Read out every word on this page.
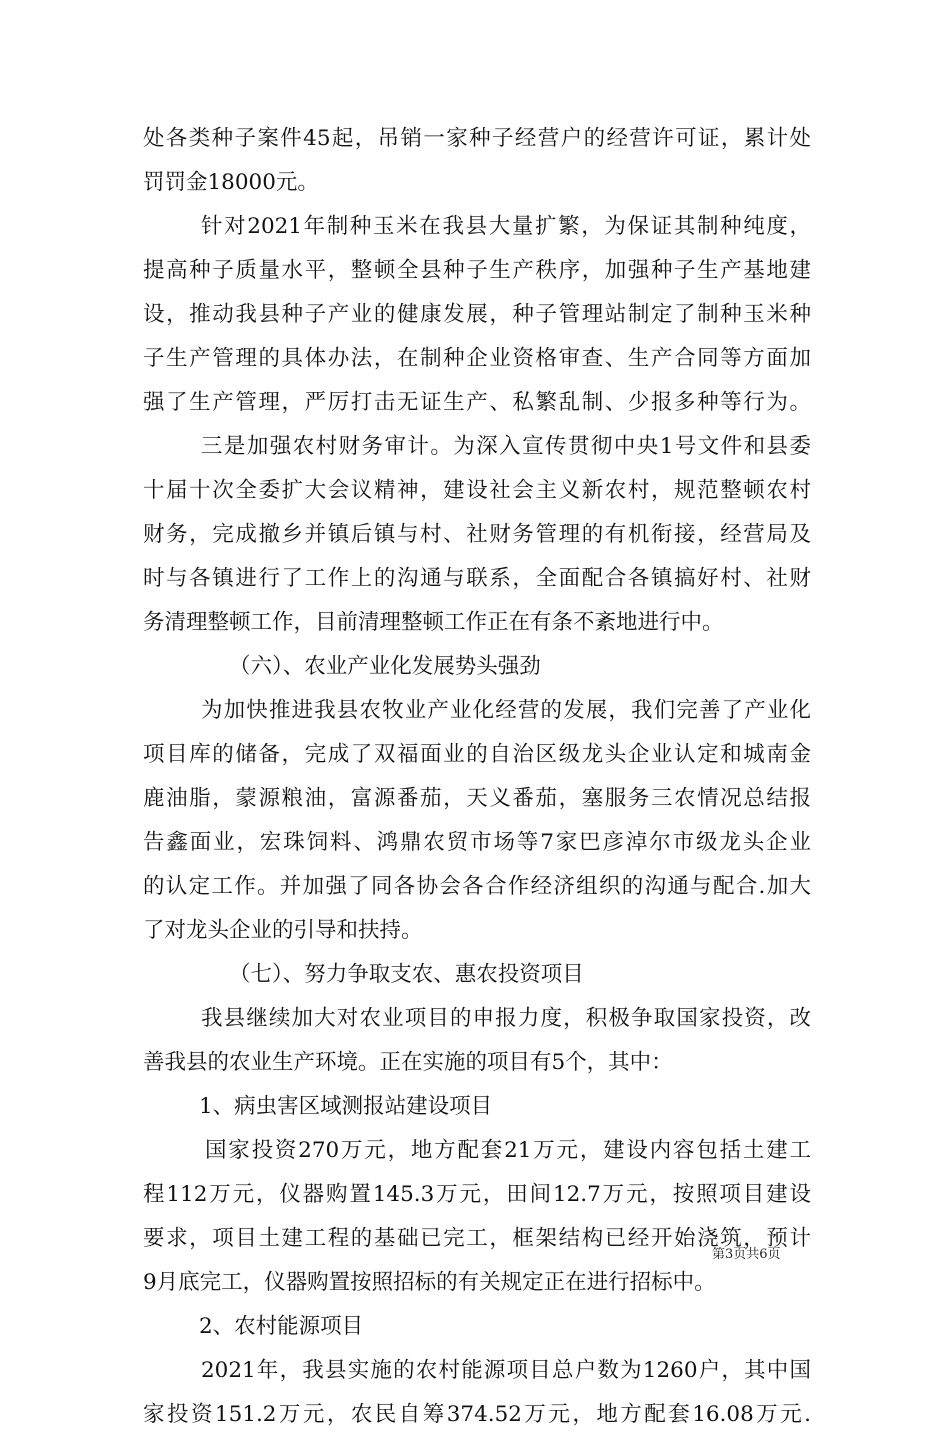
处各类种子案件45起，吊销一家种子经营户的经营许可证，累计处
罚罚金18000元。
针对2021年制种玉米在我县大量扩繁，为保证其制种纯度，
提高种子质量水平，整顿全县种子生产秩序，加强种子生产基地建
设，推动我县种子产业的健康发展，种子管理站制定了制种玉米种
子生产管理的具体办法，在制种企业资格审查、生产合同等方面加
强了生产管理，严厉打击无证生产、私繁乱制、少报多种等行为。
三是加强农村财务审计。为深入宣传贯彻中央1号文件和县委
十届十次全委扩大会议精神，建设社会主义新农村，规范整顿农村
财务，完成撤乡并镇后镇与村、社财务管理的有机衔接，经营局及
时与各镇进行了工作上的沟通与联系，全面配合各镇搞好村、社财
务清理整顿工作，目前清理整顿工作正在有条不紊地进行中。
（六）、农业产业化发展势头强劲
为加快推进我县农牧业产业化经营的发展，我们完善了产业化
项目库的储备，完成了双福面业的自治区级龙头企业认定和城南金
鹿油脂，蒙源粮油，富源番茄，天义番茄，塞服务三农情况总结报
告鑫面业，宏珠饲料、鸿鼎农贸市场等7家巴彦淖尔市级龙头企业
的认定工作。并加强了同各协会各合作经济组织的沟通与配合.加大
了对龙头企业的引导和扶持。
（七）、努力争取支农、惠农投资项目
我县继续加大对农业项目的申报力度，积极争取国家投资，改
善我县的农业生产环境。正在实施的项目有5个，其中：
1、病虫害区域测报站建设项目
国家投资270万元，地方配套21万元，建设内容包括土建工
程112万元，仪器购置145.3万元，田间12.7万元，按照项目建设
要求，项目土建工程的基础已完工，框架结构已经开始浇筑，预计
9月底完工，仪器购置按照招标的有关规定正在进行招标中。
2、农村能源项目
2021年，我县实施的农村能源项目总户数为1260户，其中国
家投资151.2万元，农民自筹374.52万元，地方配套16.08万元.
第3页共6页
